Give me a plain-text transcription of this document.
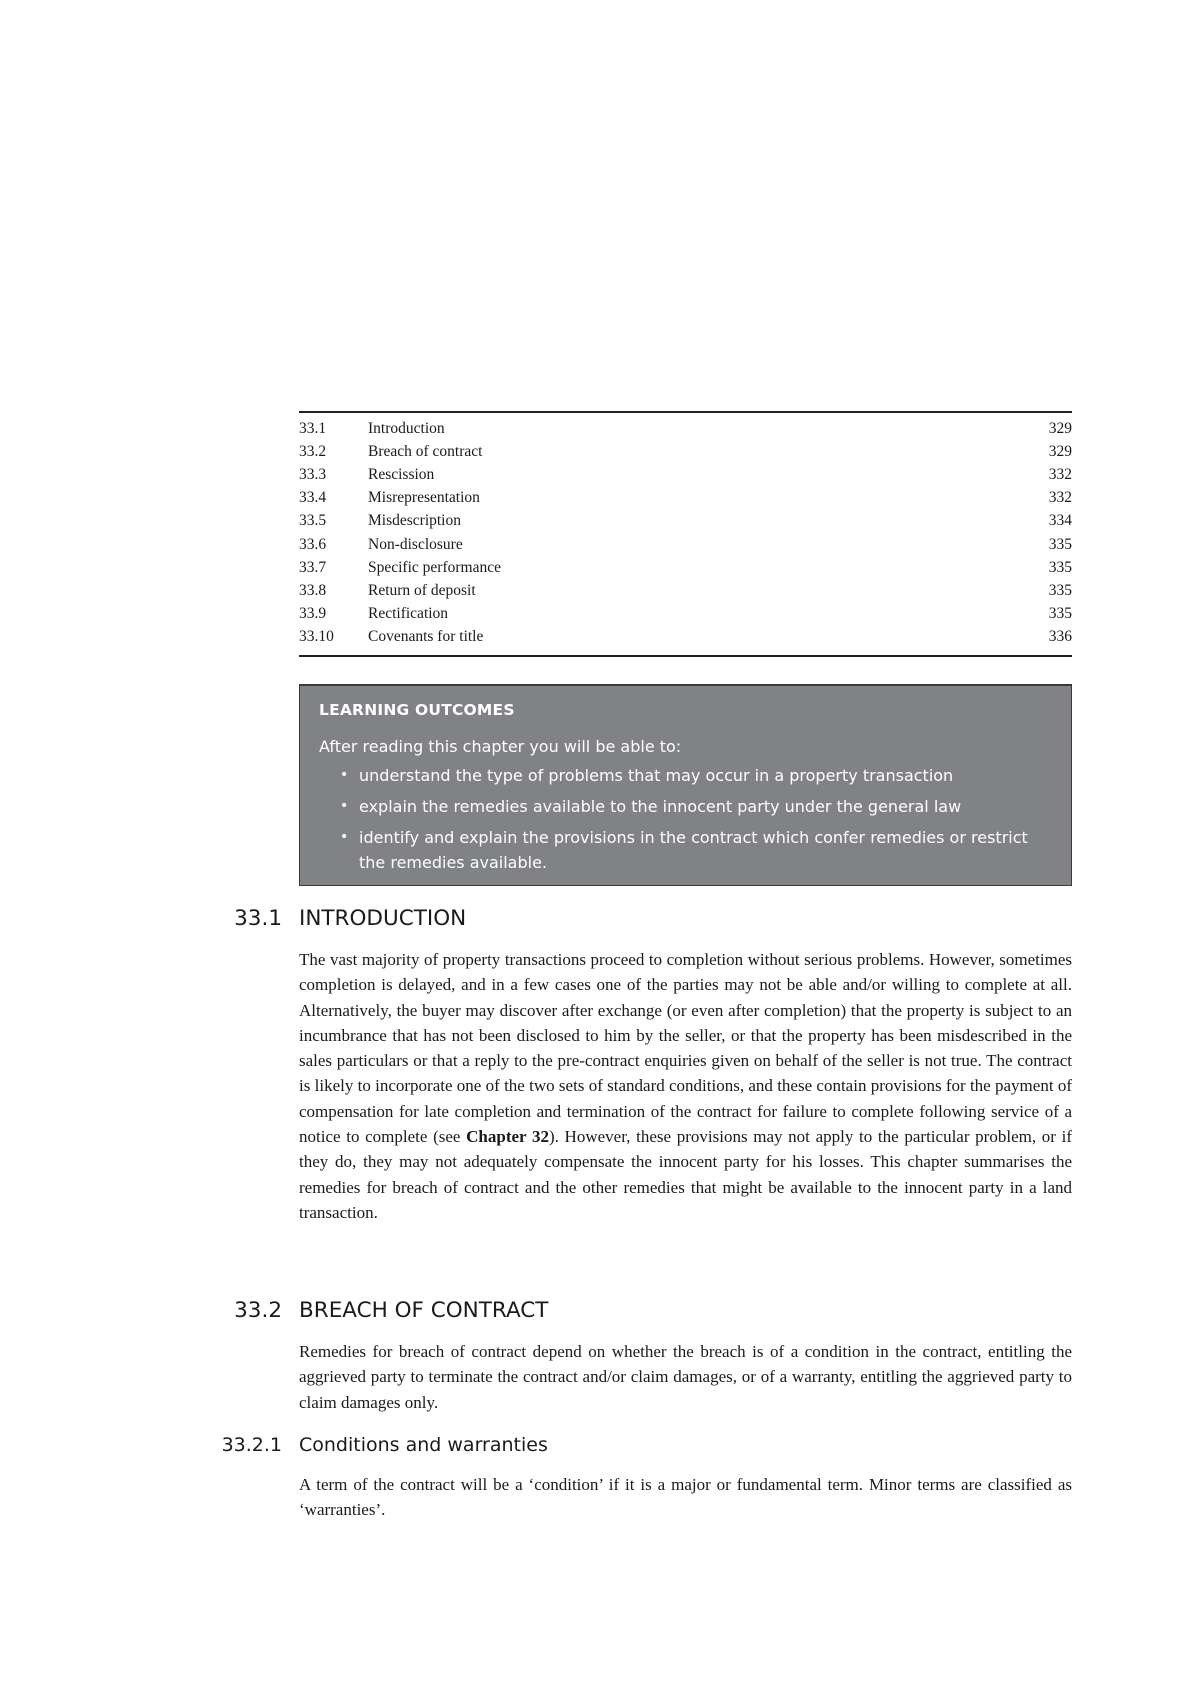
33.1	Introduction	329
33.2	Breach of contract	329
33.3	Rescission	332
33.4	Misrepresentation	332
33.5	Misdescription	334
33.6	Non-disclosure	335
33.7	Specific performance	335
33.8	Return of deposit	335
33.9	Rectification	335
33.10	Covenants for title	336
LEARNING OUTCOMES
After reading this chapter you will be able to:
• understand the type of problems that may occur in a property transaction
• explain the remedies available to the innocent party under the general law
• identify and explain the provisions in the contract which confer remedies or restrict the remedies available.
33.1 INTRODUCTION

The vast majority of property transactions proceed to completion without serious problems. However, sometimes completion is delayed, and in a few cases one of the parties may not be able and/or willing to complete at all. Alternatively, the buyer may discover after exchange (or even after completion) that the property is subject to an incumbrance that has not been disclosed to him by the seller, or that the property has been misdescribed in the sales particulars or that a reply to the pre-contract enquiries given on behalf of the seller is not true. The contract is likely to incorporate one of the two sets of standard conditions, and these contain provisions for the payment of compensation for late completion and termination of the contract for failure to complete following service of a notice to complete (see Chapter 32). However, these provisions may not apply to the particular problem, or if they do, they may not adequately compensate the innocent party for his losses. This chapter summarises the remedies for breach of contract and the other remedies that might be available to the innocent party in a land transaction.

33.2 BREACH OF CONTRACT

Remedies for breach of contract depend on whether the breach is of a condition in the contract, entitling the aggrieved party to terminate the contract and/or claim damages, or of a warranty, entitling the aggrieved party to claim damages only.

33.2.1 Conditions and warranties

A term of the contract will be a ‘condition’ if it is a major or fundamental term. Minor terms are classified as ‘warranties’.
